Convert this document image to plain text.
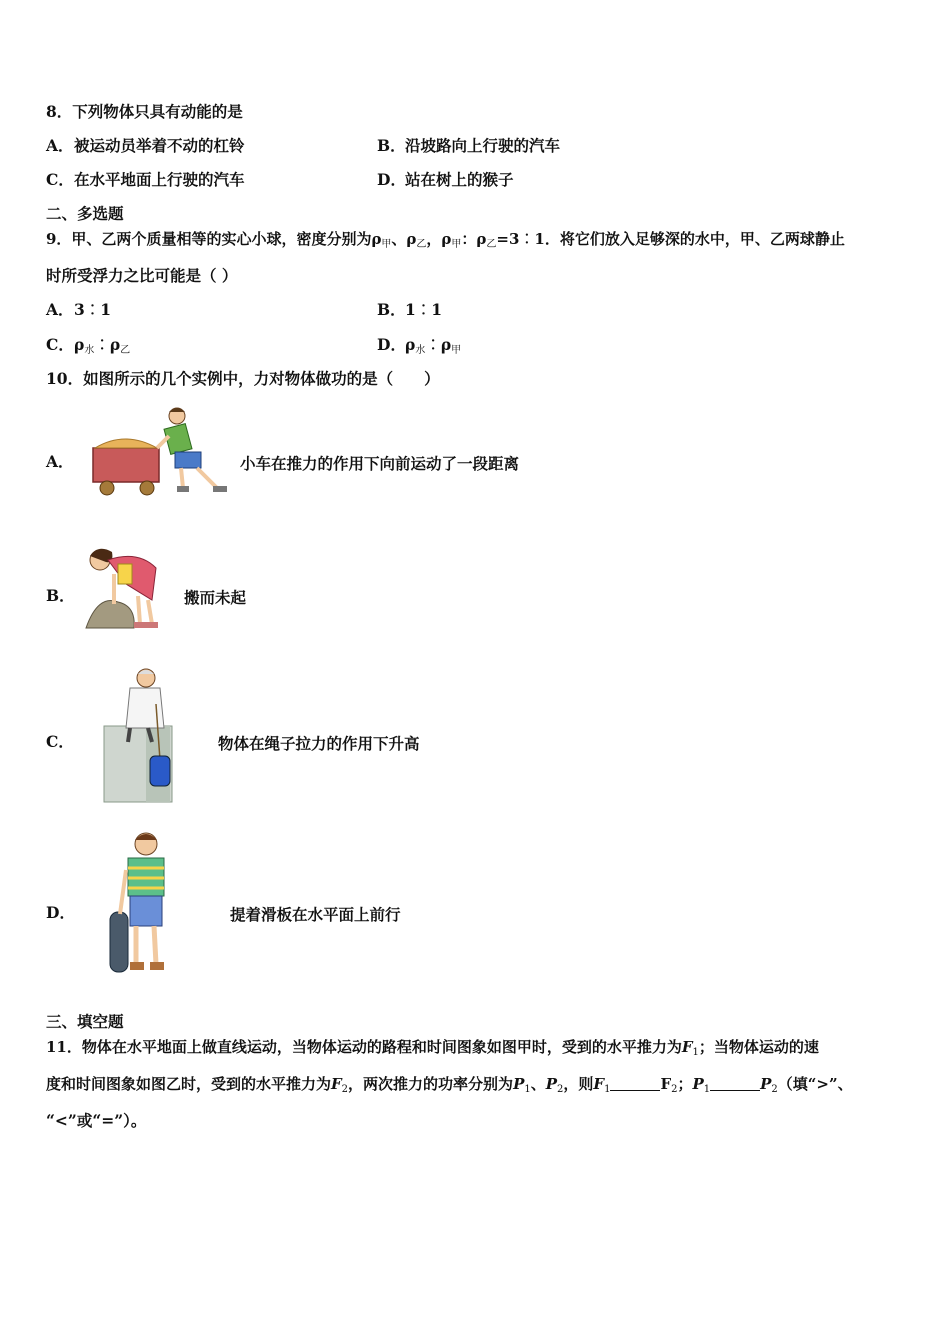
8．下列物体只具有动能的是
A．被运动员举着不动的杠铃	B．沿坡路向上行驶的汽车
C．在水平地面上行驶的汽车	D．站在树上的猴子
二、多选题
9．甲、乙两个质量相等的实心小球，密度分别为$\rho_甲$、$\rho_乙$，$\rho_甲$：$\rho_乙=3︰1$．将它们放入足够深的水中，甲、乙两球静止
时所受浮力之比可能是（ ）
A．3︰1	B．1︰1
C．$\rho_水︰\rho_乙$	D．$\rho_水︰\rho_甲$
10．如图所示的几个实例中，力对物体做功的是（　　）
A．	小车在推力的作用下向前运动了一段距离
B．	搬而未起
C．	物体在绳子拉力的作用下升高
D．	提着滑板在水平面上前行
三、填空题
11．物体在水平地面上做直线运动，当物体运动的路程和时间图象如图甲时，受到的水平推力为$F_1$；当物体运动的速
度和时间图象如图乙时，受到的水平推力为$F_2$，两次推力的功率分别为$P_1$、$P_2$，则$F_1$	$F_2$；$P_1$	$P_2$（填“>”、
“<”或“=”）。
